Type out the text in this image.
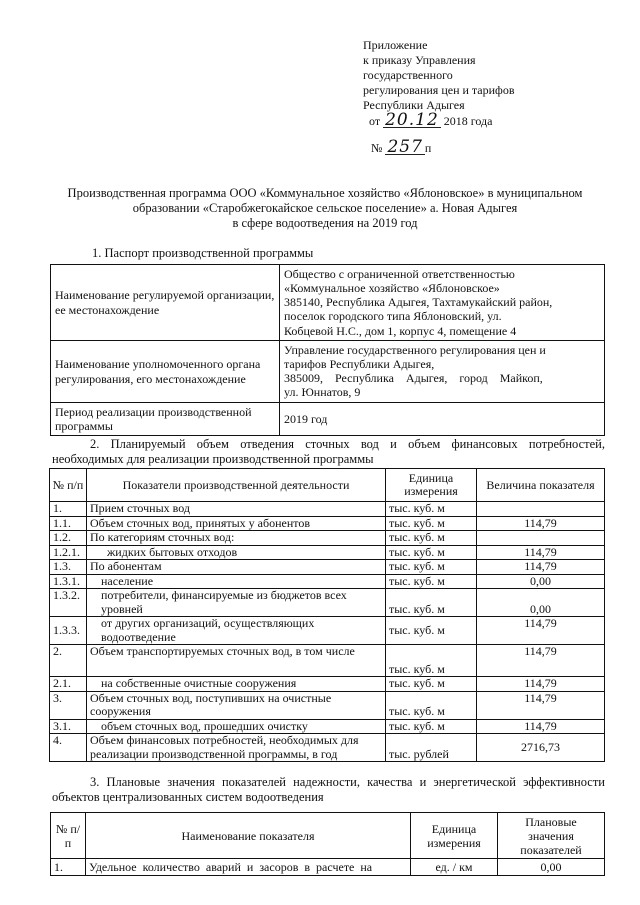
Приложение
к приказу Управления
государственного
регулирования цен и тарифов
Республики Адыгея
от 20.12 2018 года
№ 257 п
Производственная программа ООО «Коммунальное хозяйство «Яблоновское» в муниципальном
образовании «Старобжегокайское сельское поселение» а. Новая Адыгея
в сфере водоотведения на 2019 год
1. Паспорт производственной программы
Наименование регулируемой организации, ее местонахождение	Общество с ограниченной ответственностью
«Коммунальное хозяйство «Яблоновское»
385140, Республика Адыгея, Тахтамукайский район,
поселок городского типа Яблоновский, ул.
Кобцевой Н.С., дом 1, корпус 4, помещение 4

Наименование уполномоченного органа регулирования, его местонахождение	Управление государственного регулирования цен и
тарифов Республики Адыгея,
385009,    Республика    Адыгея,    город    Майкоп,
ул. Юннатов, 9

Период реализации производственной программы	2019 год
2. Планируемый объем отведения сточных вод и объем финансовых потребностей, необходимых для реализации производственной программы
№ п/п	Показатели производственной деятельности	Единица измерения	Величина показателя
1.	Прием сточных вод	тыс. куб. м	
1.1.	Объем сточных вод, принятых у абонентов	тыс. куб. м	114,79
1.2.	По категориям сточных вод:	тыс. куб. м	
1.2.1.	жидких бытовых отходов	тыс. куб. м	114,79
1.3.	По абонентам	тыс. куб. м	114,79
1.3.1.	население	тыс. куб. м	0,00
1.3.2.	потребители, финансируемые из бюджетов всех уровней	тыс. куб. м	0,00
1.3.3.	от других организаций, осуществляющих водоотведение	тыс. куб. м	114,79
2.	Объем транспортируемых сточных вод, в том числе	тыс. куб. м	114,79
2.1.	на собственные очистные сооружения	тыс. куб. м	114,79
3.	Объем сточных вод, поступивших на очистные сооружения	тыс. куб. м	114,79
3.1.	объем сточных вод, прошедших очистку	тыс. куб. м	114,79
4.	Объем финансовых потребностей, необходимых для реализации производственной программы, в год	тыс. рублей	2716,73
3. Плановые значения показателей надежности, качества и энергетической эффективности объектов централизованных систем водоотведения
№ п/п	Наименование показателя	Единица измерения	Плановые значения показателей
1.	Удельное  количество  аварий  и  засоров  в  расчете  на	ед. / км	0,00
